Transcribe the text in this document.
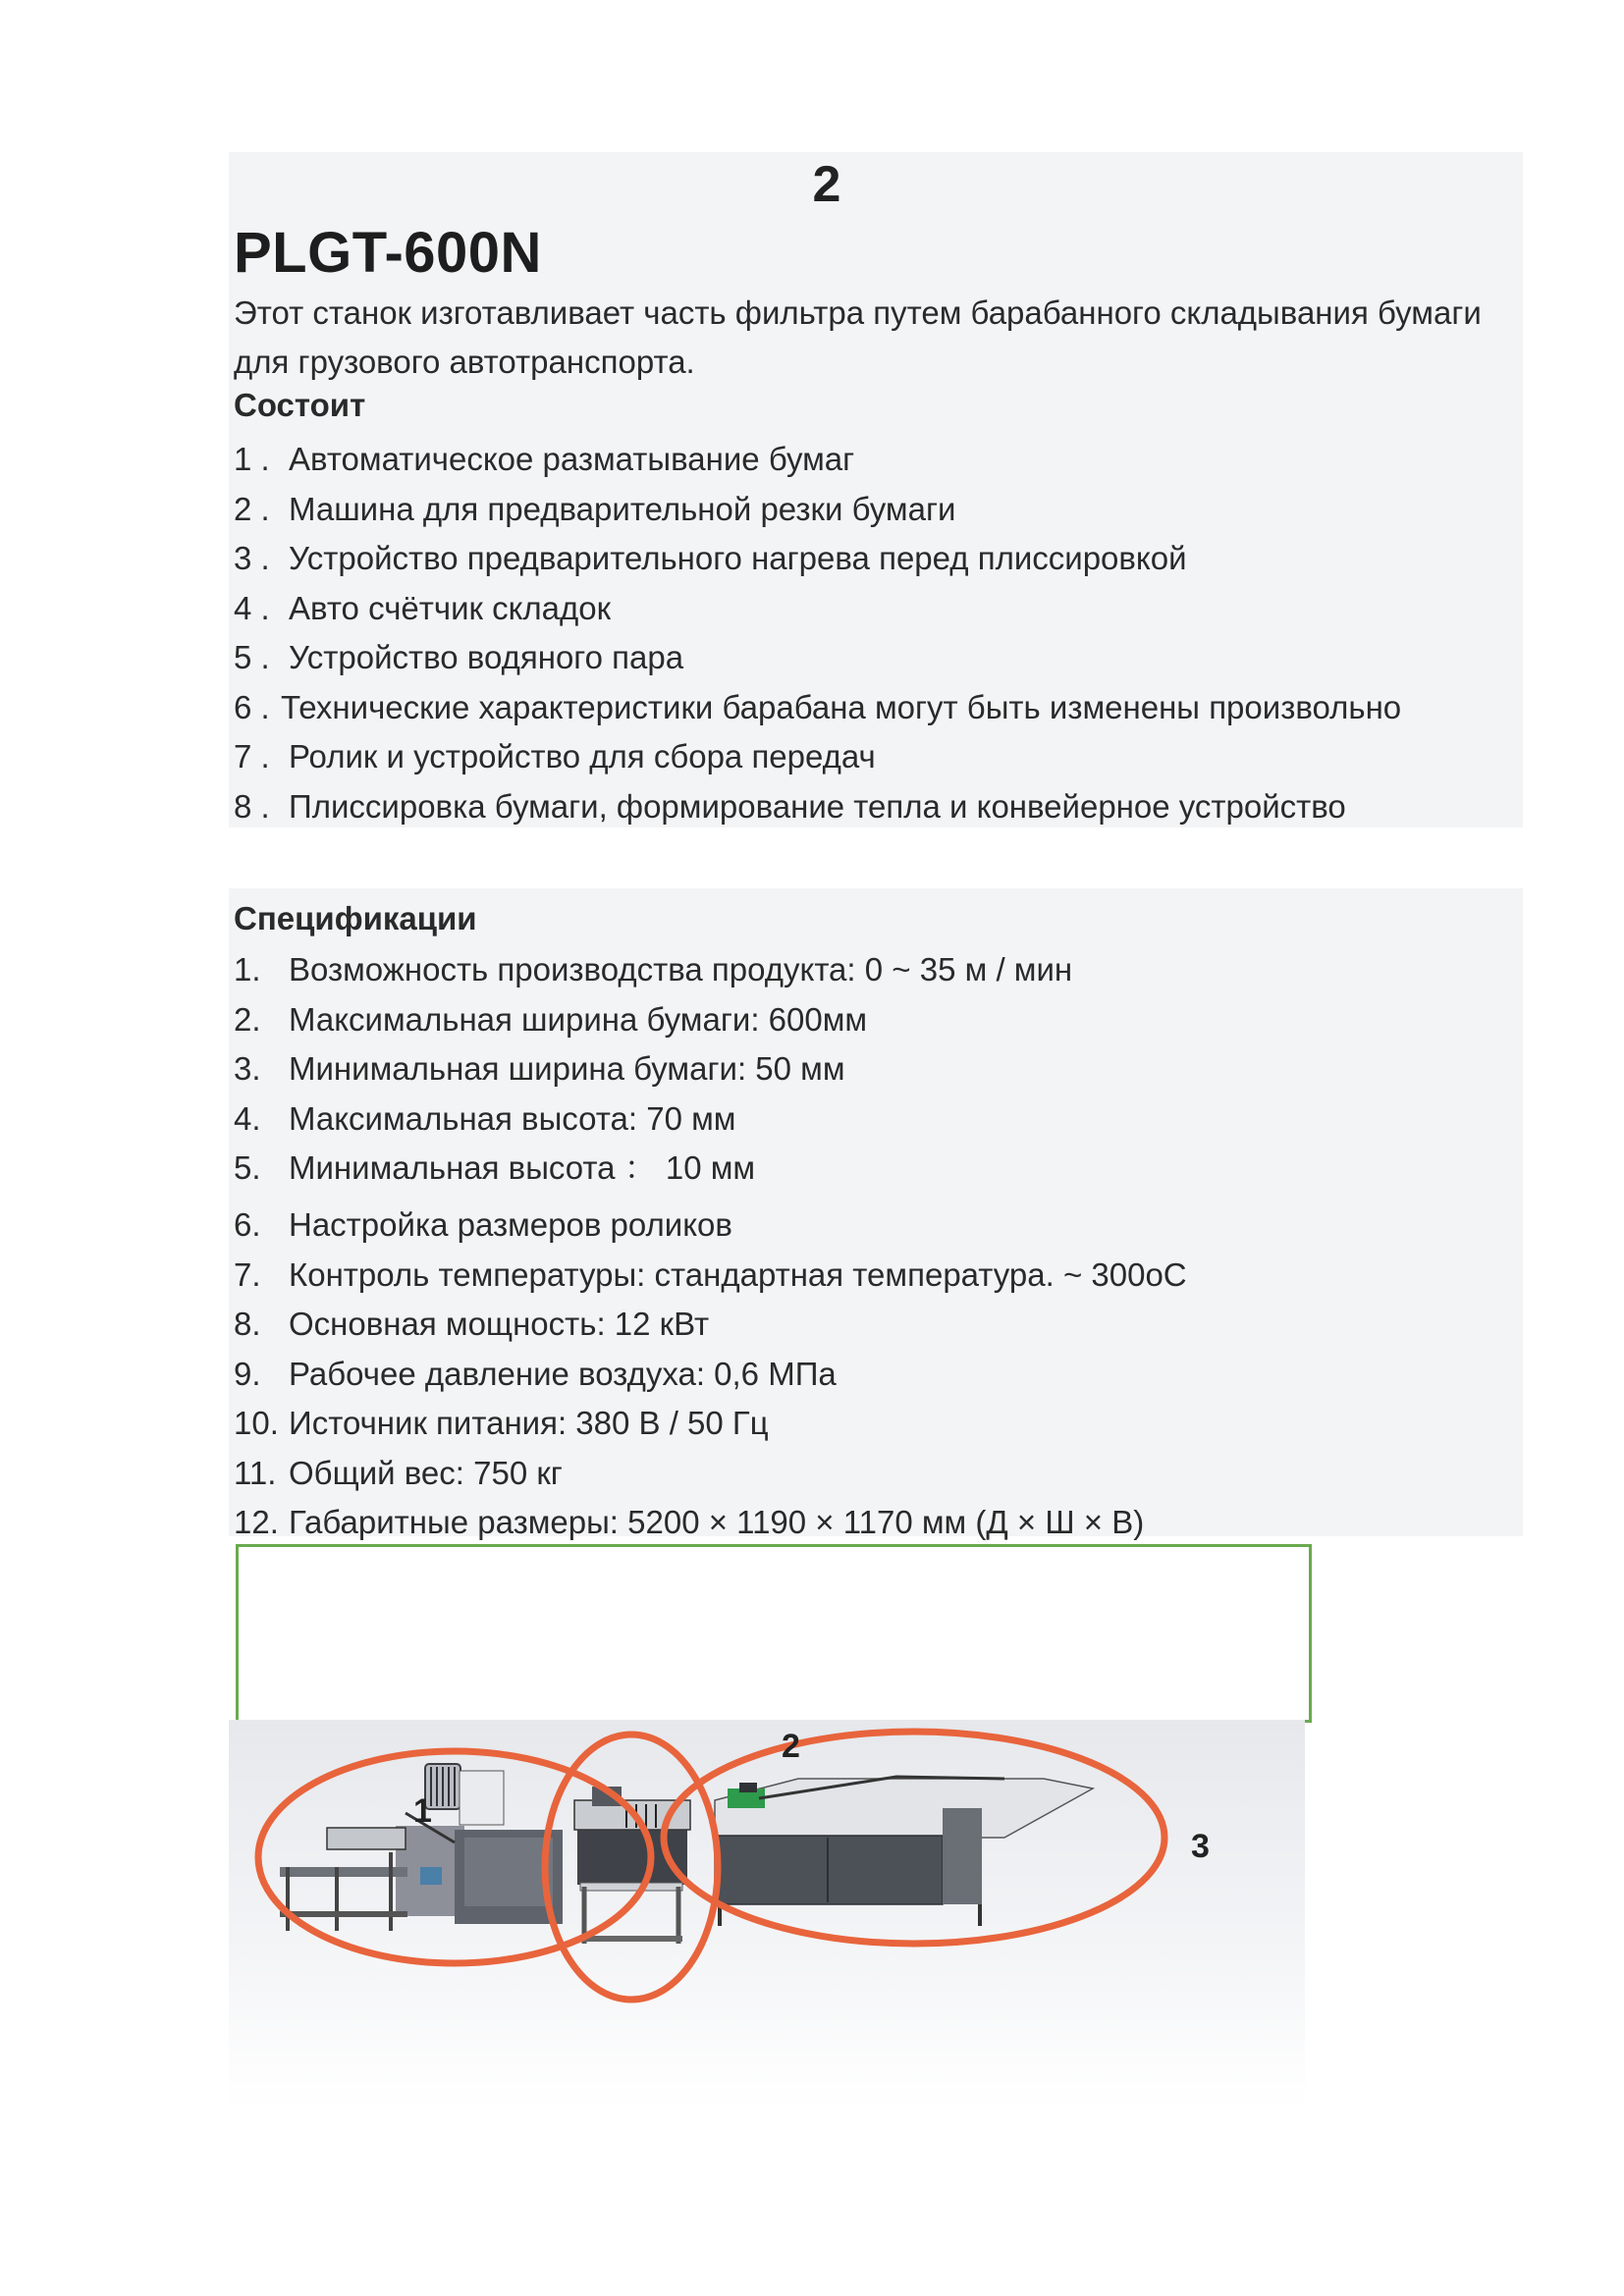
2
PLGT-600N
Этот станок изготавливает часть фильтра путем барабанного складывания бумаги для грузового автотранспорта.
Состоит
1 . Автоматическое разматывание бумаг
2 . Машина для предварительной резки бумаги
3 . Устройство предварительного нагрева перед плиссировкой
4 . Авто счётчик складок
5 . Устройство водяного пара
6 . Технические характеристики барабана могут быть изменены произвольно
7 . Ролик и устройство для сбора передач
8 . Плиссировка бумаги, формирование тепла и конвейерное устройство
Спецификации
1. Возможность производства продукта: 0 ~ 35 м / мин
2. Максимальная ширина бумаги: 600мм
3. Минимальная ширина бумаги: 50 мм
4. Максимальная высота: 70 мм
5. Минимальная высота ： 10 мм
6. Настройка размеров роликов
7. Контроль температуры: стандартная температура. ~ 300oC
8. Основная мощность: 12 кВт
9. Рабочее давление воздуха: 0,6 МПа
10. Источник питания: 380 В / 50 Гц
11. Общий вес: 750 кг
12. Габаритные размеры: 5200 × 1190 × 1170 мм (Д × Ш × В)
1
2
3
